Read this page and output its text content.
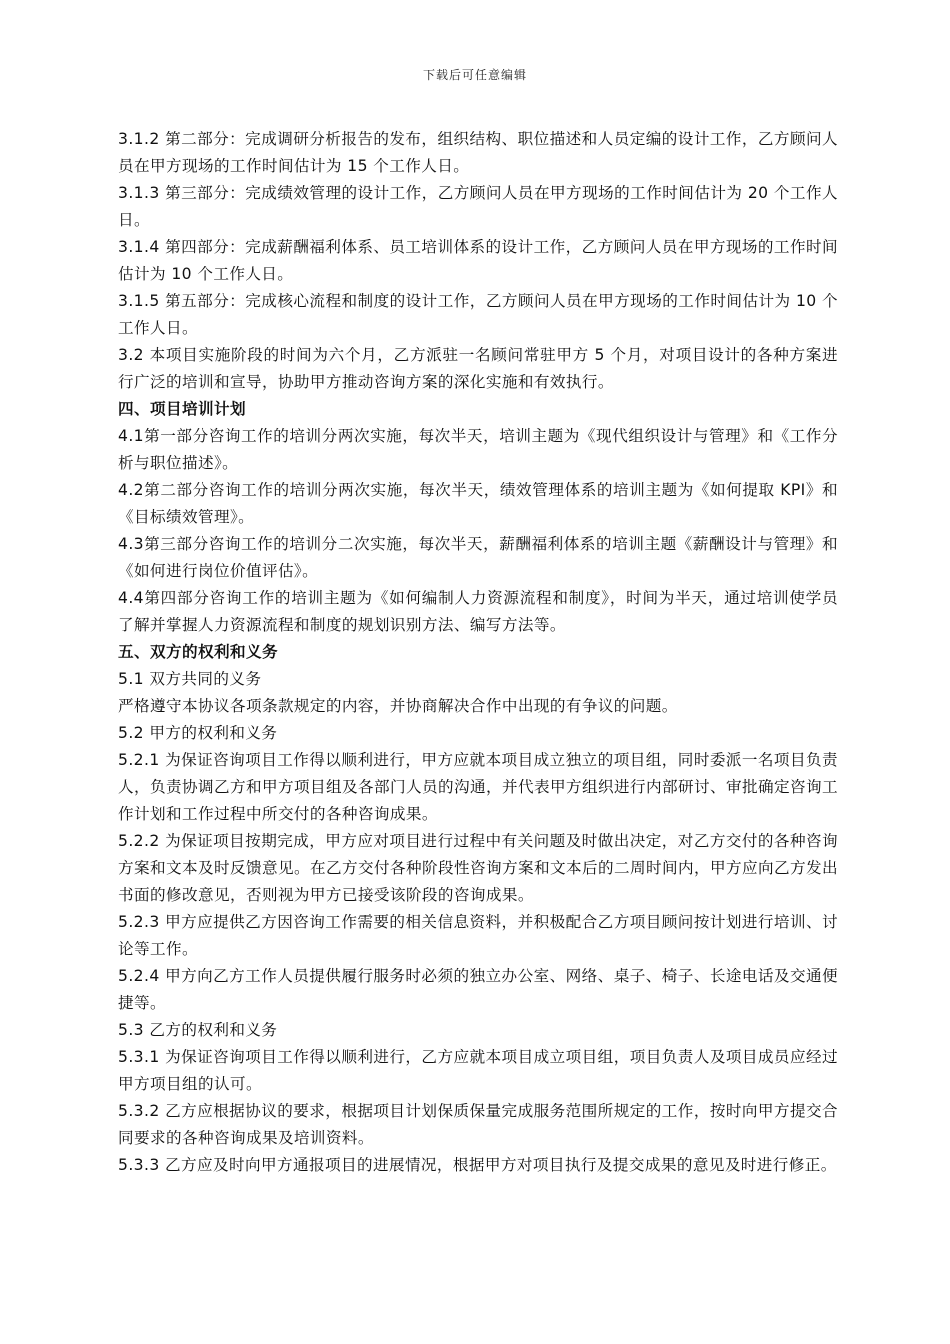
下载后可任意编辑

3.1.2 第二部分：完成调研分析报告的发布，组织结构、职位描述和人员定编的设计工作，乙方顾问人员在甲方现场的工作时间估计为 15 个工作人日。

3.1.3 第三部分：完成绩效管理的设计工作，乙方顾问人员在甲方现场的工作时间估计为 20 个工作人日。

3.1.4 第四部分：完成薪酬福利体系、员工培训体系的设计工作，乙方顾问人员在甲方现场的工作时间估计为 10 个工作人日。

3.1.5 第五部分：完成核心流程和制度的设计工作，乙方顾问人员在甲方现场的工作时间估计为 10 个工作人日。

3.2 本项目实施阶段的时间为六个月，乙方派驻一名顾问常驻甲方 5 个月，对项目设计的各种方案进行广泛的培训和宣导，协助甲方推动咨询方案的深化实施和有效执行。

四、项目培训计划

4.1第一部分咨询工作的培训分两次实施，每次半天，培训主题为《现代组织设计与管理》和《工作分析与职位描述》。

4.2第二部分咨询工作的培训分两次实施，每次半天，绩效管理体系的培训主题为《如何提取 KPI》和《目标绩效管理》。

4.3第三部分咨询工作的培训分二次实施，每次半天，薪酬福利体系的培训主题《薪酬设计与管理》和《如何进行岗位价值评估》。

4.4第四部分咨询工作的培训主题为《如何编制人力资源流程和制度》，时间为半天，通过培训使学员了解并掌握人力资源流程和制度的规划识别方法、编写方法等。

五、双方的权利和义务

5.1 双方共同的义务

严格遵守本协议各项条款规定的内容，并协商解决合作中出现的有争议的问题。

5.2 甲方的权利和义务

5.2.1 为保证咨询项目工作得以顺利进行，甲方应就本项目成立独立的项目组，同时委派一名项目负责人，负责协调乙方和甲方项目组及各部门人员的沟通，并代表甲方组织进行内部研讨、审批确定咨询工作计划和工作过程中所交付的各种咨询成果。

5.2.2 为保证项目按期完成，甲方应对项目进行过程中有关问题及时做出决定，对乙方交付的各种咨询方案和文本及时反馈意见。在乙方交付各种阶段性咨询方案和文本后的二周时间内，甲方应向乙方发出书面的修改意见，否则视为甲方已接受该阶段的咨询成果。

5.2.3 甲方应提供乙方因咨询工作需要的相关信息资料，并积极配合乙方项目顾问按计划进行培训、讨论等工作。

5.2.4 甲方向乙方工作人员提供履行服务时必须的独立办公室、网络、桌子、椅子、长途电话及交通便捷等。

5.3 乙方的权利和义务

5.3.1 为保证咨询项目工作得以顺利进行，乙方应就本项目成立项目组，项目负责人及项目成员应经过甲方项目组的认可。

5.3.2 乙方应根据协议的要求，根据项目计划保质保量完成服务范围所规定的工作，按时向甲方提交合同要求的各种咨询成果及培训资料。

5.3.3 乙方应及时向甲方通报项目的进展情况，根据甲方对项目执行及提交成果的意见及时进行修正。
